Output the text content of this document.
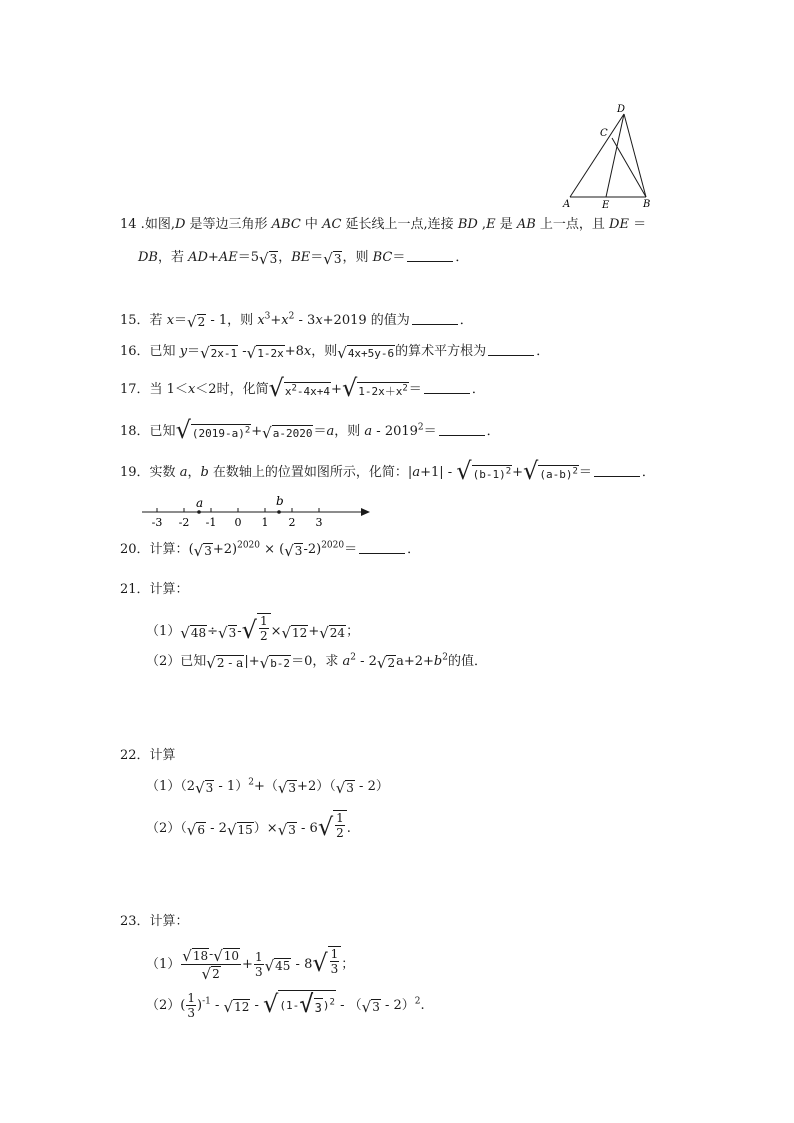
D
C
A	E	B
14 .如图,D 是等边三角形 ABC 中 AC 延长线上一点,连接 BD ,E 是 AB 上一点，且 DE ＝
DB，若 AD+AE＝5 √ 3 ，BE＝ √ 3 ，则 BC＝	．
15．若 x＝ √ 2 - 1，则 $x^3+x^2 - 3x+2019$ 的值为	．
16．已知 y＝ √ 2x-1 - √ 1-2x +8x，则 √ 4x+5y-6 的算术平方根为	．
17．当 1＜x＜2时，化简 √ $x^2-4x+4$ + √ $1-2x+x^2$ ＝	．
18．已知 √ $(2019-a)^2$ + √ a-2020 ＝a，则 $a - 2019^2=$	．
19．实数 a，b 在数轴上的位置如图所示，化简：|a+1| - √ $(b-1)^2$ + √ $(a-b)^2$ ＝	．
-3 -2 -1 0 1 2 3
a	b
20．计算：( √ 3 +2)$^{2020}$ × ( √ 3 -2)$^{2020}$＝	．
21．计算：
（1） √ 48 ÷ √ 3 - √ $\frac{1}{2}$ × √ 12 + √ 24 ；
（2）已知 √ 2 - a |+ √ b-2 ＝0，求 $a^2 - 2$ √ 2 $a+2+b^2$的值．
22．计算
（1）（2 √ 3 - 1）$^2$+（ √ 3 +2）（ √ 3 - 2）
（2）（ √ 6 - 2 √ 15 ）× √ 3 - 6 √ $\frac{1}{2}$ .
23．计算：
$(1) \frac{√ 18 - √ 10}{√ 2} + \frac{1}{3}$ √ 45 - 8 √ $\frac{1}{3}$ ；
$(2)( \frac{1}{3} )^{-1}$ - √ 12 - √ (1- √ 3 )$^2$ - （ √ 3 - 2）$^2$.
